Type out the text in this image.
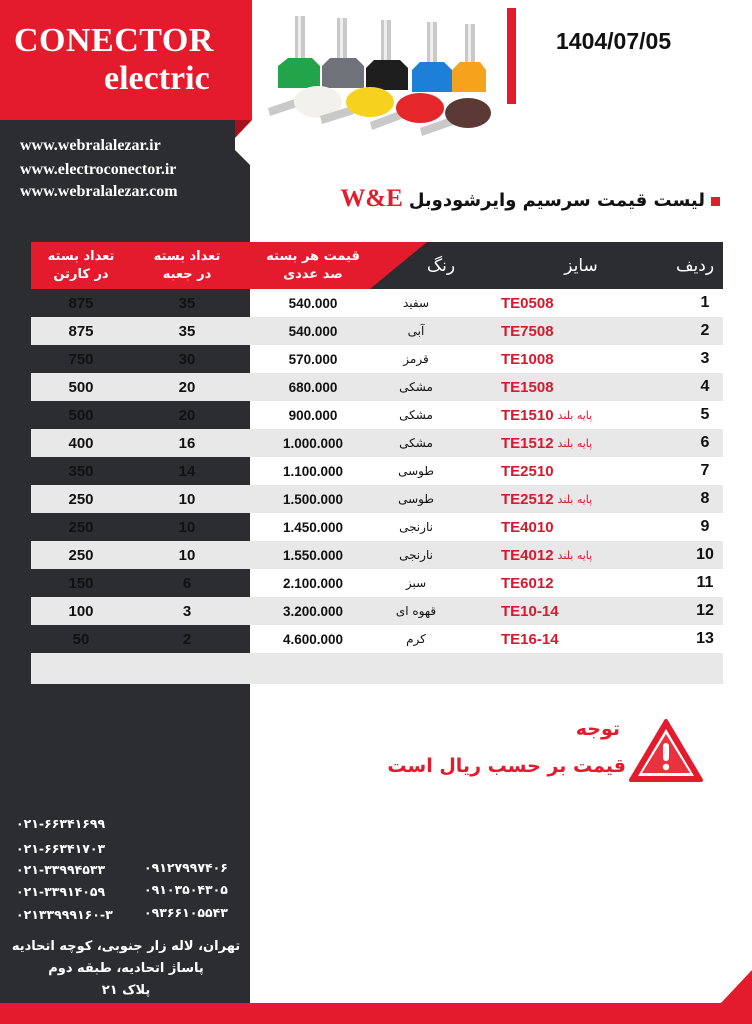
CONECTOR
electric
www.webralalezar.ir
www.electroconector.ir
www.webralalezar.com
1404/07/05
لیست قیمت سرسیم وایرشودوبلW&E
تعداد بسته
در کارتن
تعداد بسته
در جعبه
قیمت هر بسته
صد عددی	رنگ	سایز	ردیف
875	35	540.000	سفید	TE0508	1
875	35	540.000	آبی	TE7508	2
750	30	570.000	قرمز	TE1008	3
500	20	680.000	مشکی	TE1508	4
500	20	900.000	مشکی	TE1510 پایه بلند	5
400	16	1.000.000	مشکی	TE1512 پایه بلند	6
350	14	1.100.000	طوسی	TE2510	7
250	10	1.500.000	طوسی	TE2512 پایه بلند	8
250	10	1.450.000	نارنجی	TE4010	9
250	10	1.550.000	نارنجی	TE4012 پایه بلند	10
150	6	2.100.000	سبز	TE6012	11
100	3	3.200.000	قهوه ای	TE10-14	12
50	2	4.600.000	کرم	TE16-14	13
توجه
قیمت بر حسب ریال است
۰۲۱-۶۶۳۴۱۶۹۹
۰۲۱-۶۶۳۴۱۷۰۳
۰۲۱-۳۳۹۹۴۵۳۳
۰۲۱-۳۳۹۱۴۰۵۹
۰۲۱۳۳۹۹۹۱۶۰-۳
۰۹۱۲۷۹۹۷۴۰۶
۰۹۱۰۳۵۰۴۳۰۵
۰۹۳۶۶۱۰۵۵۴۳
تهران، لاله زار جنوبی، کوچه اتحادیه
پاساژ اتحادیه، طبقه دوم
پلاک ۲۱
